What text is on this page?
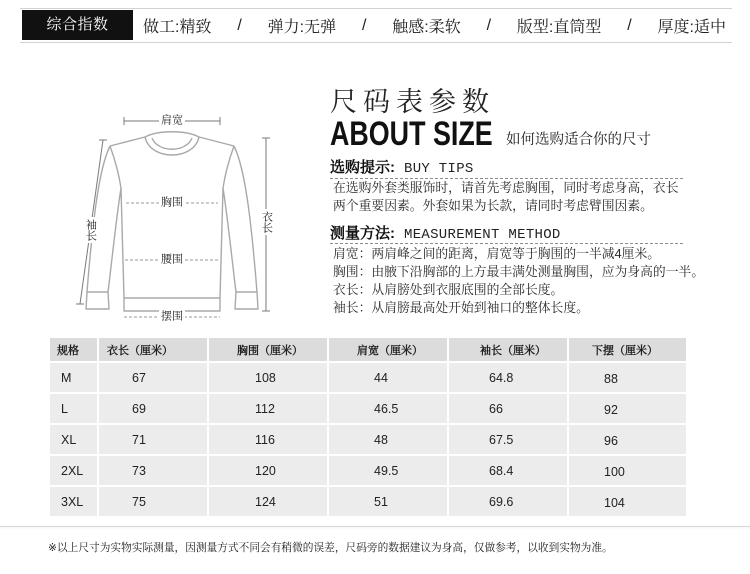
综合指数	做工:精致 / 弹力:无弹 / 触感:柔软 / 版型:直筒型 / 厚度:适中
肩宽
胸围
腰围
摆围
袖长	衣长
尺码表参数
ABOUT SIZE 如何选购适合你的尺寸
选购提示: BUY TIPS
在选购外套类服饰时，请首先考虑胸围，同时考虑身高，衣长
两个重要因素。外套如果为长款，请同时考虑臂围因素。
测量方法: MEASUREMENT METHOD
肩宽：两肩峰之间的距离，肩宽等于胸围的一半减4厘米。
胸围：由腋下沿胸部的上方最丰满处测量胸围，应为身高的一半。
衣长：从肩膀处到衣服底围的全部长度。
袖长：从肩膀最高处开始到袖口的整体长度。
规格	衣长（厘米）	胸围（厘米）	肩宽（厘米）	袖长（厘米）	下摆（厘米）
M	67	108	44	64.8	88
L	69	112	46.5	66	92
XL	71	116	48	67.5	96
2XL	73	120	49.5	68.4	100
3XL	75	124	51	69.6	104
※以上尺寸为实物实际测量，因测量方式不同会有稍微的误差，尺码旁的数据建议为身高，仅做参考，以收到实物为准。
